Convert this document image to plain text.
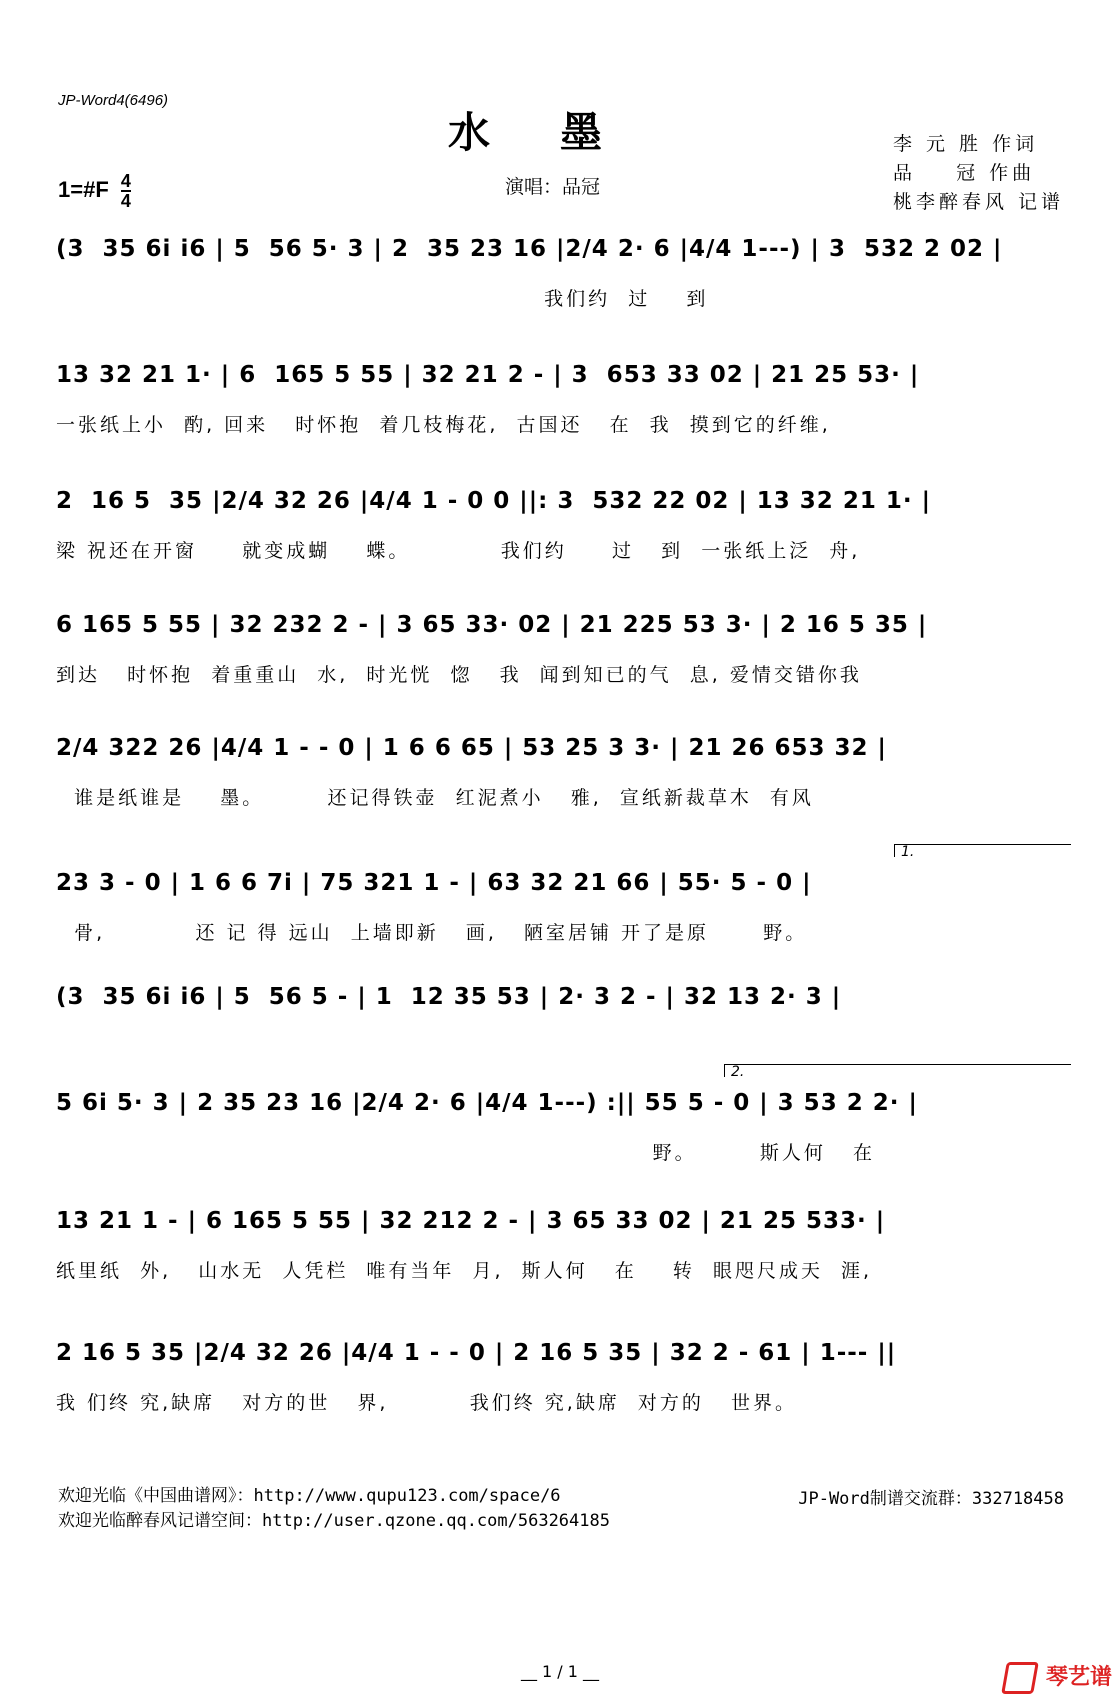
JP-Word4(6496)
水墨
1=#F $\frac{4}{4}$	演唱：品冠
李 元 胜 作词
品    冠 作曲
桃李醉春风 记谱
(3  35 6i i6 | 5  56 5· 3 | 2  35 23 16 |2/4 2· 6 |4/4 1---) | 3  532 2 02 |
我们约  过    到
13 32 21 1· | 6  165 5 55 | 32 21 2 - | 3  653 33 02 | 21 25 53· |
一张纸上小  酌, 回来   时怀抱  着几枝梅花,  古国还   在  我  摸到它的纤维,
2  16 5  35 |2/4 32 26 |4/4 1 - 0 0 ||: 3  532 22 02 | 13 32 21 1· |
梁 祝还在开窗     就变成蝴    蝶。          我们约     过   到  一张纸上泛  舟,
6 165 5 55 | 32 232 2 - | 3 65 33· 02 | 21 225 53 3· | 2 16 5 35 |
到达   时怀抱  着重重山  水,  时光恍  惚   我  闻到知已的气  息, 爱情交错你我
2/4 322 26 |4/4 1 - - 0 | 1 6 6 65 | 53 25 3 3· | 21 26 653 32 |
谁是纸谁是    墨。       还记得铁壶  红泥煮小   雅,  宣纸新裁草木  有风
1.
23 3 - 0 | 1 6 6 7i | 75 321 1 - | 63 32 21 66 | 55· 5 - 0 |
骨,          还 记 得 远山  上墙即新   画,   陋室居铺 开了是原      野。
(3  35 6i i6 | 5  56 5 - | 1  12 35 53 | 2· 3 2 - | 32 13 2· 3 |
2.
5 6i 5· 3 | 2 35 23 16 |2/4 2· 6 |4/4 1---) :|| 55 5 - 0 | 3 53 2 2· |
野。       斯人何   在
13 21 1 - | 6 165 5 55 | 32 212 2 - | 3 65 33 02 | 21 25 533· |
纸里纸  外,   山水无  人凭栏  唯有当年  月,  斯人何   在    转  眼咫尺成天  涯,
2 16 5 35 |2/4 32 26 |4/4 1 - - 0 | 2 16 5 35 | 32 2 - 61 | 1--- ||
我 们终 究,缺席   对方的世   界,         我们终 究,缺席  对方的   世界。
欢迎光临《中国曲谱网》：http://www.qupu123.com/space/6
欢迎光临醉春风记谱空间：http://user.qzone.qq.com/563264185
JP-Word制谱交流群：332718458
__ 1 / 1 __	琴艺谱
